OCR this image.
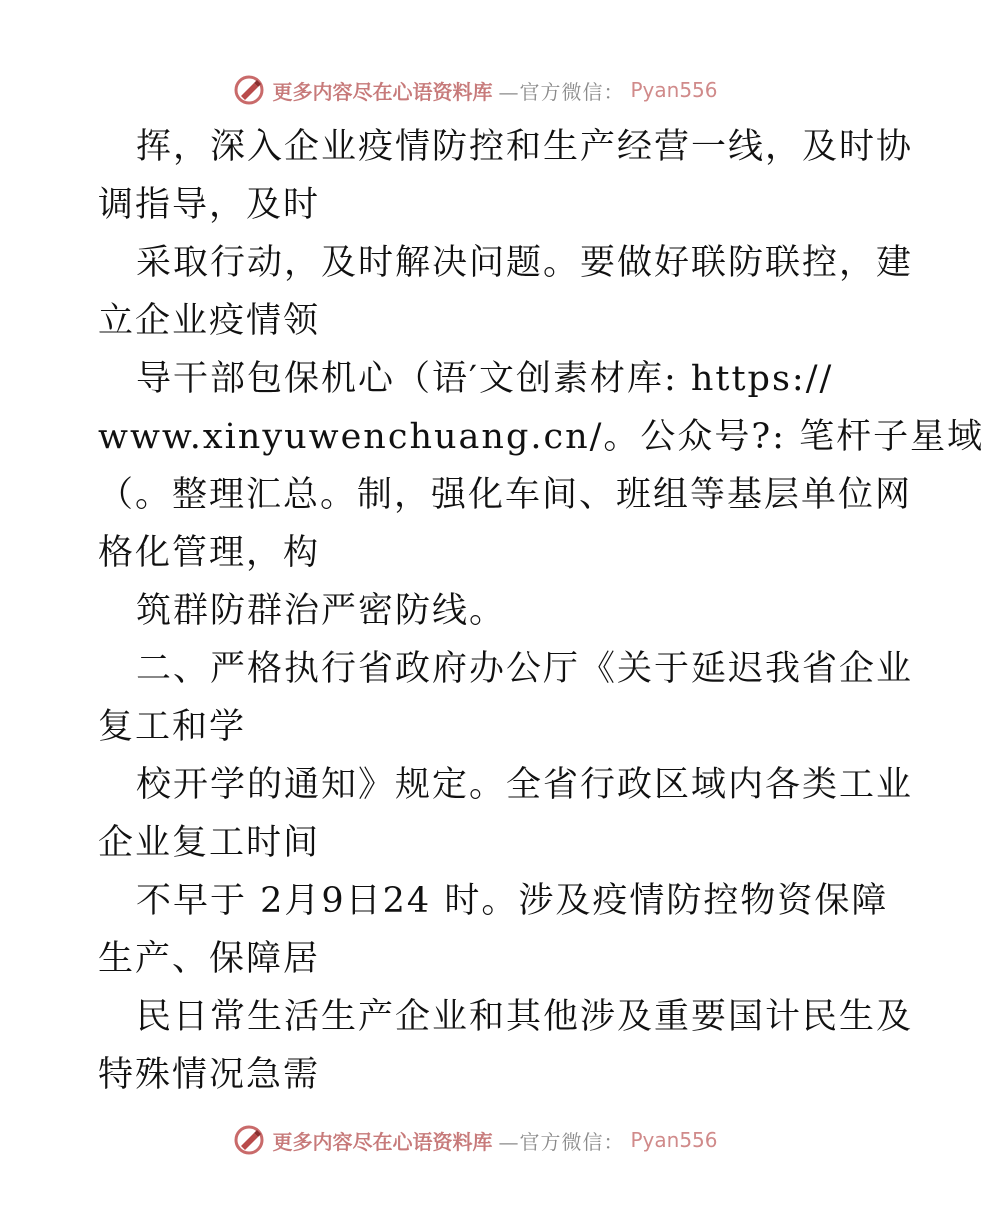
更多内容尽在心语资料库 —官方微信： Pyan556
挥，深入企业疫情防控和生产经营一线，及时协
调指导，及时
采取行动，及时解决问题。要做好联防联控，建
立企业疫情领
导干部包保机心（语′文创素材库: https://
www.xinyuwenchuang.cn/。公众号?: 笔杆子星域
（。整理汇总。制，强化车间、班组等基层单位网
格化管理，构
筑群防群治严密防线。
二、严格执行省政府办公厅《关于延迟我省企业
复工和学
校开学的通知》规定。全省行政区域内各类工业
企业复工时间
不早于 2月9日24 时。涉及疫情防控物资保障
生产、保障居
民日常生活生产企业和其他涉及重要国计民生及
特殊情况急需
更多内容尽在心语资料库 —官方微信： Pyan556
